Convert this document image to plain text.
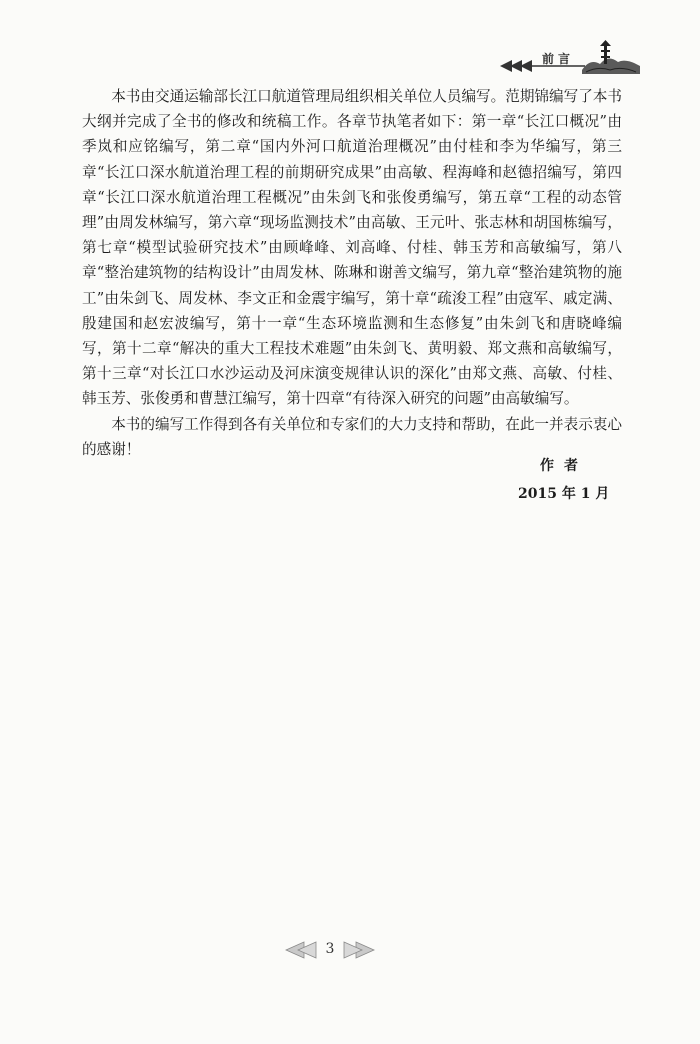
前言

本书由交通运输部长江口航道管理局组织相关单位人员编写。范期锦编写了本书大纲并完成了全书的修改和统稿工作。各章节执笔者如下：第一章“长江口概况”由季岚和应铭编写，第二章“国内外河口航道治理概况”由付桂和李为华编写，第三章“长江口深水航道治理工程的前期研究成果”由高敏、程海峰和赵德招编写，第四章“长江口深水航道治理工程概况”由朱剑飞和张俊勇编写，第五章“工程的动态管理”由周发林编写，第六章“现场监测技术”由高敏、王元叶、张志林和胡国栋编写，第七章“模型试验研究技术”由顾峰峰、刘高峰、付桂、韩玉芳和高敏编写，第八章“整治建筑物的结构设计”由周发林、陈琳和谢善文编写，第九章“整治建筑物的施工”由朱剑飞、周发林、李文正和金震宇编写，第十章“疏浚工程”由寇军、戚定满、殷建国和赵宏波编写，第十一章“生态环境监测和生态修复”由朱剑飞和唐晓峰编写，第十二章“解决的重大工程技术难题”由朱剑飞、黄明毅、郑文燕和高敏编写，第十三章“对长江口水沙运动及河床演变规律认识的深化”由郑文燕、高敏、付桂、韩玉芳、张俊勇和曹慧江编写，第十四章“有待深入研究的问题”由高敏编写。

本书的编写工作得到各有关单位和专家们的大力支持和帮助，在此一并表示衷心的感谢！

作者
2015 年 1 月
3
